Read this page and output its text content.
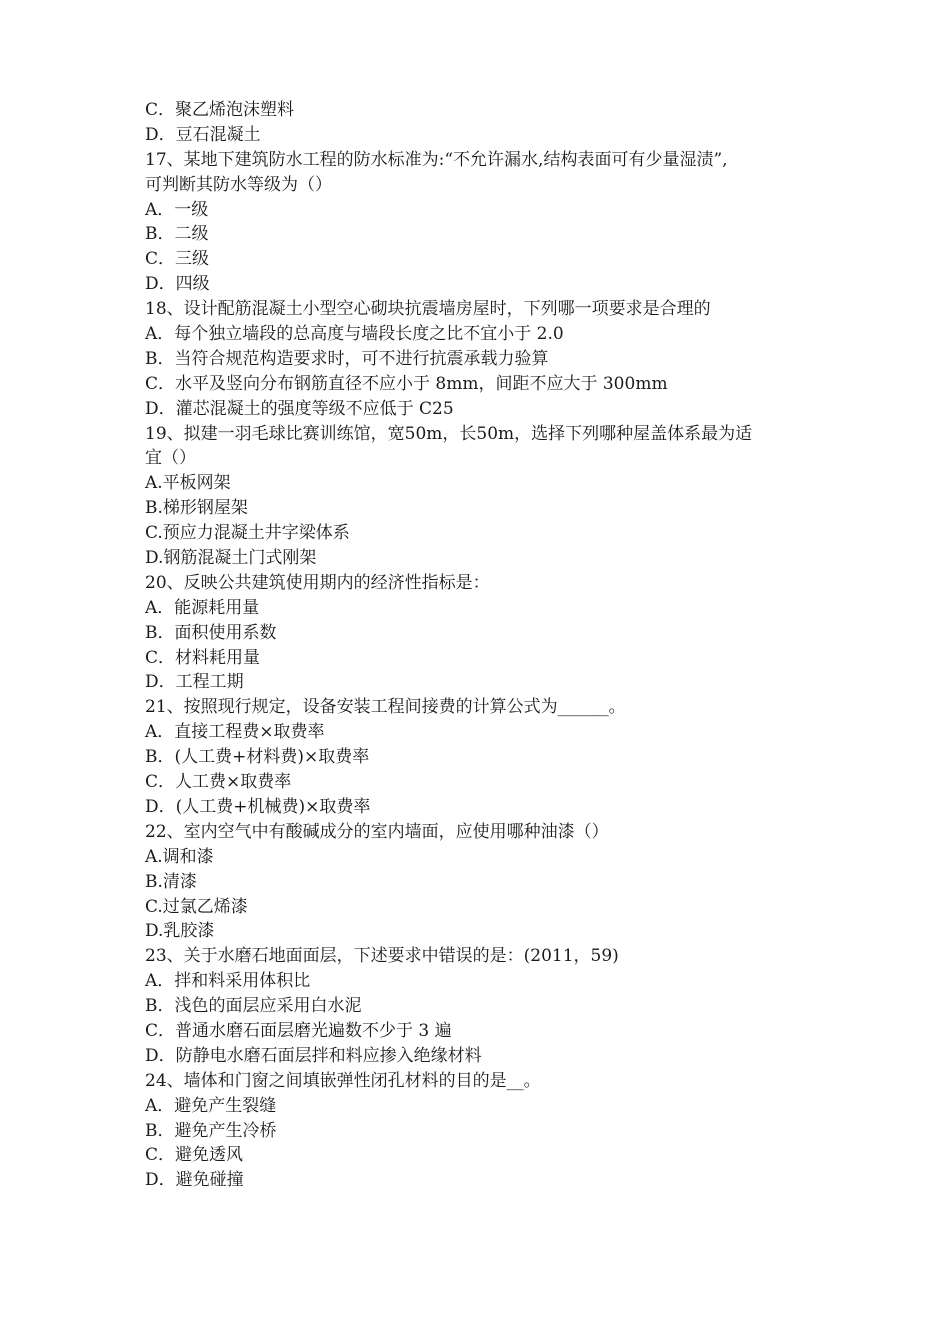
C．聚乙烯泡沫塑料
D．豆石混凝土
17、某地下建筑防水工程的防水标准为:“不允许漏水,结构表面可有少量湿渍”,
可判断其防水等级为（）
A．一级
B．二级
C．三级
D．四级
18、设计配筋混凝土小型空心砌块抗震墙房屋时，下列哪一项要求是合理的
A．每个独立墙段的总高度与墙段长度之比不宜小于 2.0
B．当符合规范构造要求时，可不进行抗震承载力验算
C．水平及竖向分布钢筋直径不应小于 8mm，间距不应大于 300mm
D．灌芯混凝土的强度等级不应低于 C25
19、拟建一羽毛球比赛训练馆，宽50m，长50m，选择下列哪种屋盖体系最为适
宜（）
A.平板网架
B.梯形钢屋架
C.预应力混凝土井字梁体系
D.钢筋混凝土门式刚架
20、反映公共建筑使用期内的经济性指标是：
A．能源耗用量
B．面积使用系数
C．材料耗用量
D．工程工期
21、按照现行规定，设备安装工程间接费的计算公式为______。
A．直接工程费×取费率
B．(人工费+材料费)×取费率
C．人工费×取费率
D．(人工费+机械费)×取费率
22、室内空气中有酸碱成分的室内墙面，应使用哪种油漆（）
A.调和漆
B.清漆
C.过氯乙烯漆
D.乳胶漆
23、关于水磨石地面面层，下述要求中错误的是：(2011，59)
A．拌和料采用体积比
B．浅色的面层应采用白水泥
C．普通水磨石面层磨光遍数不少于 3 遍
D．防静电水磨石面层拌和料应掺入绝缘材料
24、墙体和门窗之间填嵌弹性闭孔材料的目的是__。
A．避免产生裂缝
B．避免产生冷桥
C．避免透风
D．避免碰撞
